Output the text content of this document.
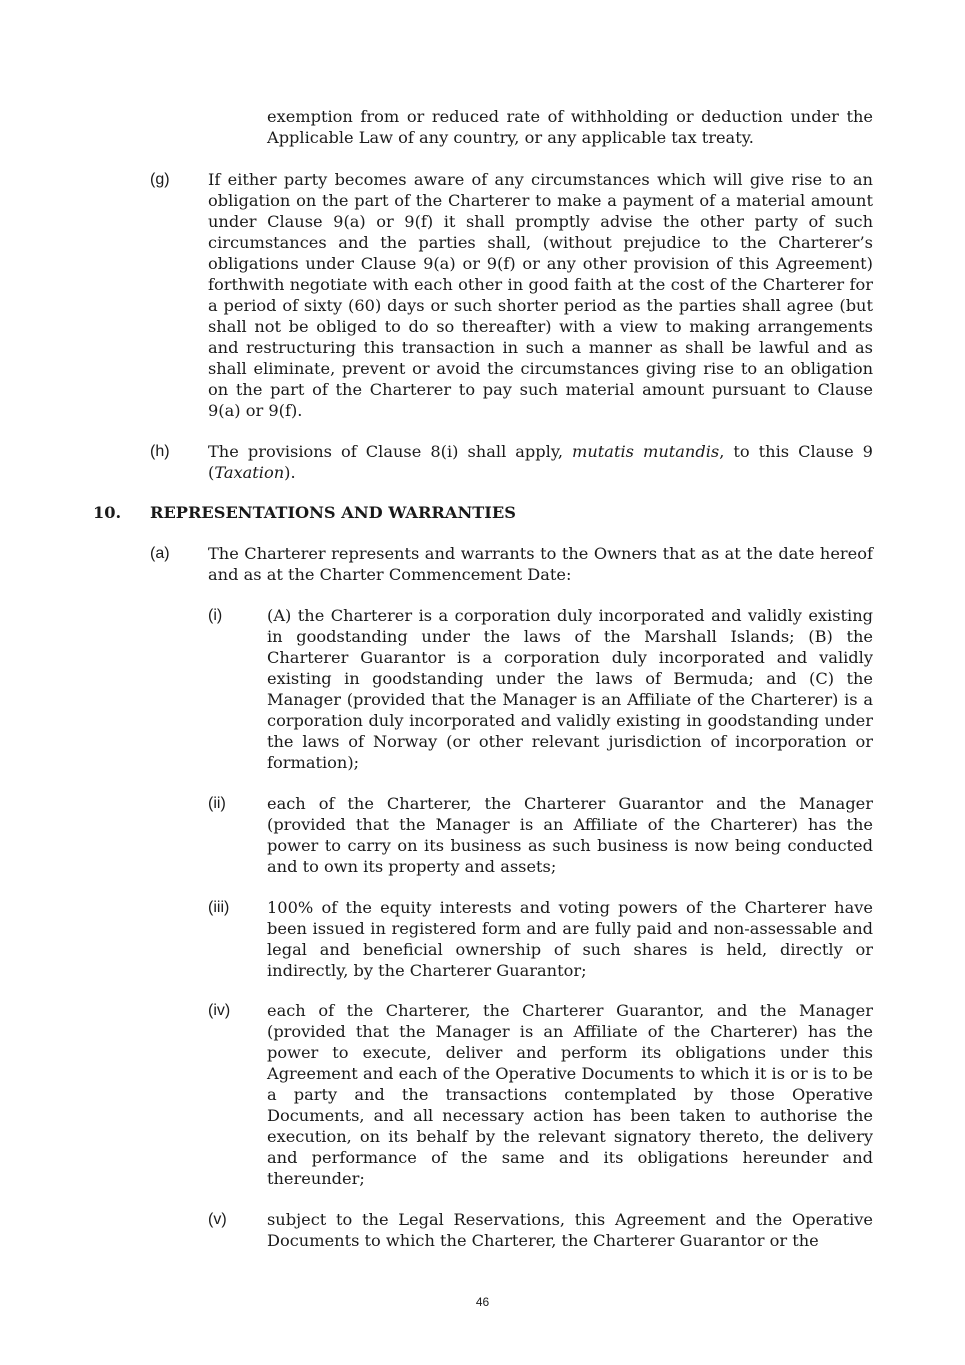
exemption from or reduced rate of withholding or deduction under the Applicable Law of any country, or any applicable tax treaty.

(g) If either party becomes aware of any circumstances which will give rise to an obligation on the part of the Charterer to make a payment of a material amount under Clause 9(a) or 9(f) it shall promptly advise the other party of such circumstances and the parties shall, (without prejudice to the Charterer’s obligations under Clause 9(a) or 9(f) or any other provision of this Agreement) forthwith negotiate with each other in good faith at the cost of the Charterer for a period of sixty (60) days or such shorter period as the parties shall agree (but shall not be obliged to do so thereafter) with a view to making arrangements and restructuring this transaction in such a manner as shall be lawful and as shall eliminate, prevent or avoid the circumstances giving rise to an obligation on the part of the Charterer to pay such material amount pursuant to Clause 9(a) or 9(f).

(h) The provisions of Clause 8(i) shall apply, mutatis mutandis, to this Clause 9 (Taxation).

10. REPRESENTATIONS AND WARRANTIES
(a) The Charterer represents and warrants to the Owners that as at the date hereof and as at the Charter Commencement Date:

(i)	(A) the Charterer is a corporation duly incorporated and validly existing in goodstanding under the laws of the Marshall Islands; (B) the Charterer Guarantor is a corporation duly incorporated and validly existing in goodstanding under the laws of Bermuda; and (C) the Manager (provided that the Manager is an Affiliate of the Charterer) is a corporation duly incorporated and validly existing in goodstanding under the laws of Norway (or other relevant jurisdiction of incorporation or formation);

(ii)	each of the Charterer, the Charterer Guarantor and the Manager (provided that the Manager is an Affiliate of the Charterer) has the power to carry on its business as such business is now being conducted and to own its property and assets;

(iii) 100% of the equity interests and voting powers of the Charterer have been issued in registered form and are fully paid and non-assessable and legal and beneficial ownership of such shares is held, directly or indirectly, by the Charterer Guarantor;

(iv) each of the Charterer, the Charterer Guarantor, and the Manager (provided that the Manager is an Affiliate of the Charterer) has the power to execute, deliver and perform its obligations under this Agreement and each of the Operative Documents to which it is or is to be a party and the transactions contemplated by those Operative Documents, and all necessary action has been taken to authorise the execution, on its behalf by the relevant signatory thereto, the delivery and performance of the same and its obligations hereunder and thereunder;

(v) subject to the Legal Reservations, this Agreement and the Operative Documents to which the Charterer, the Charterer Guarantor or the

46
